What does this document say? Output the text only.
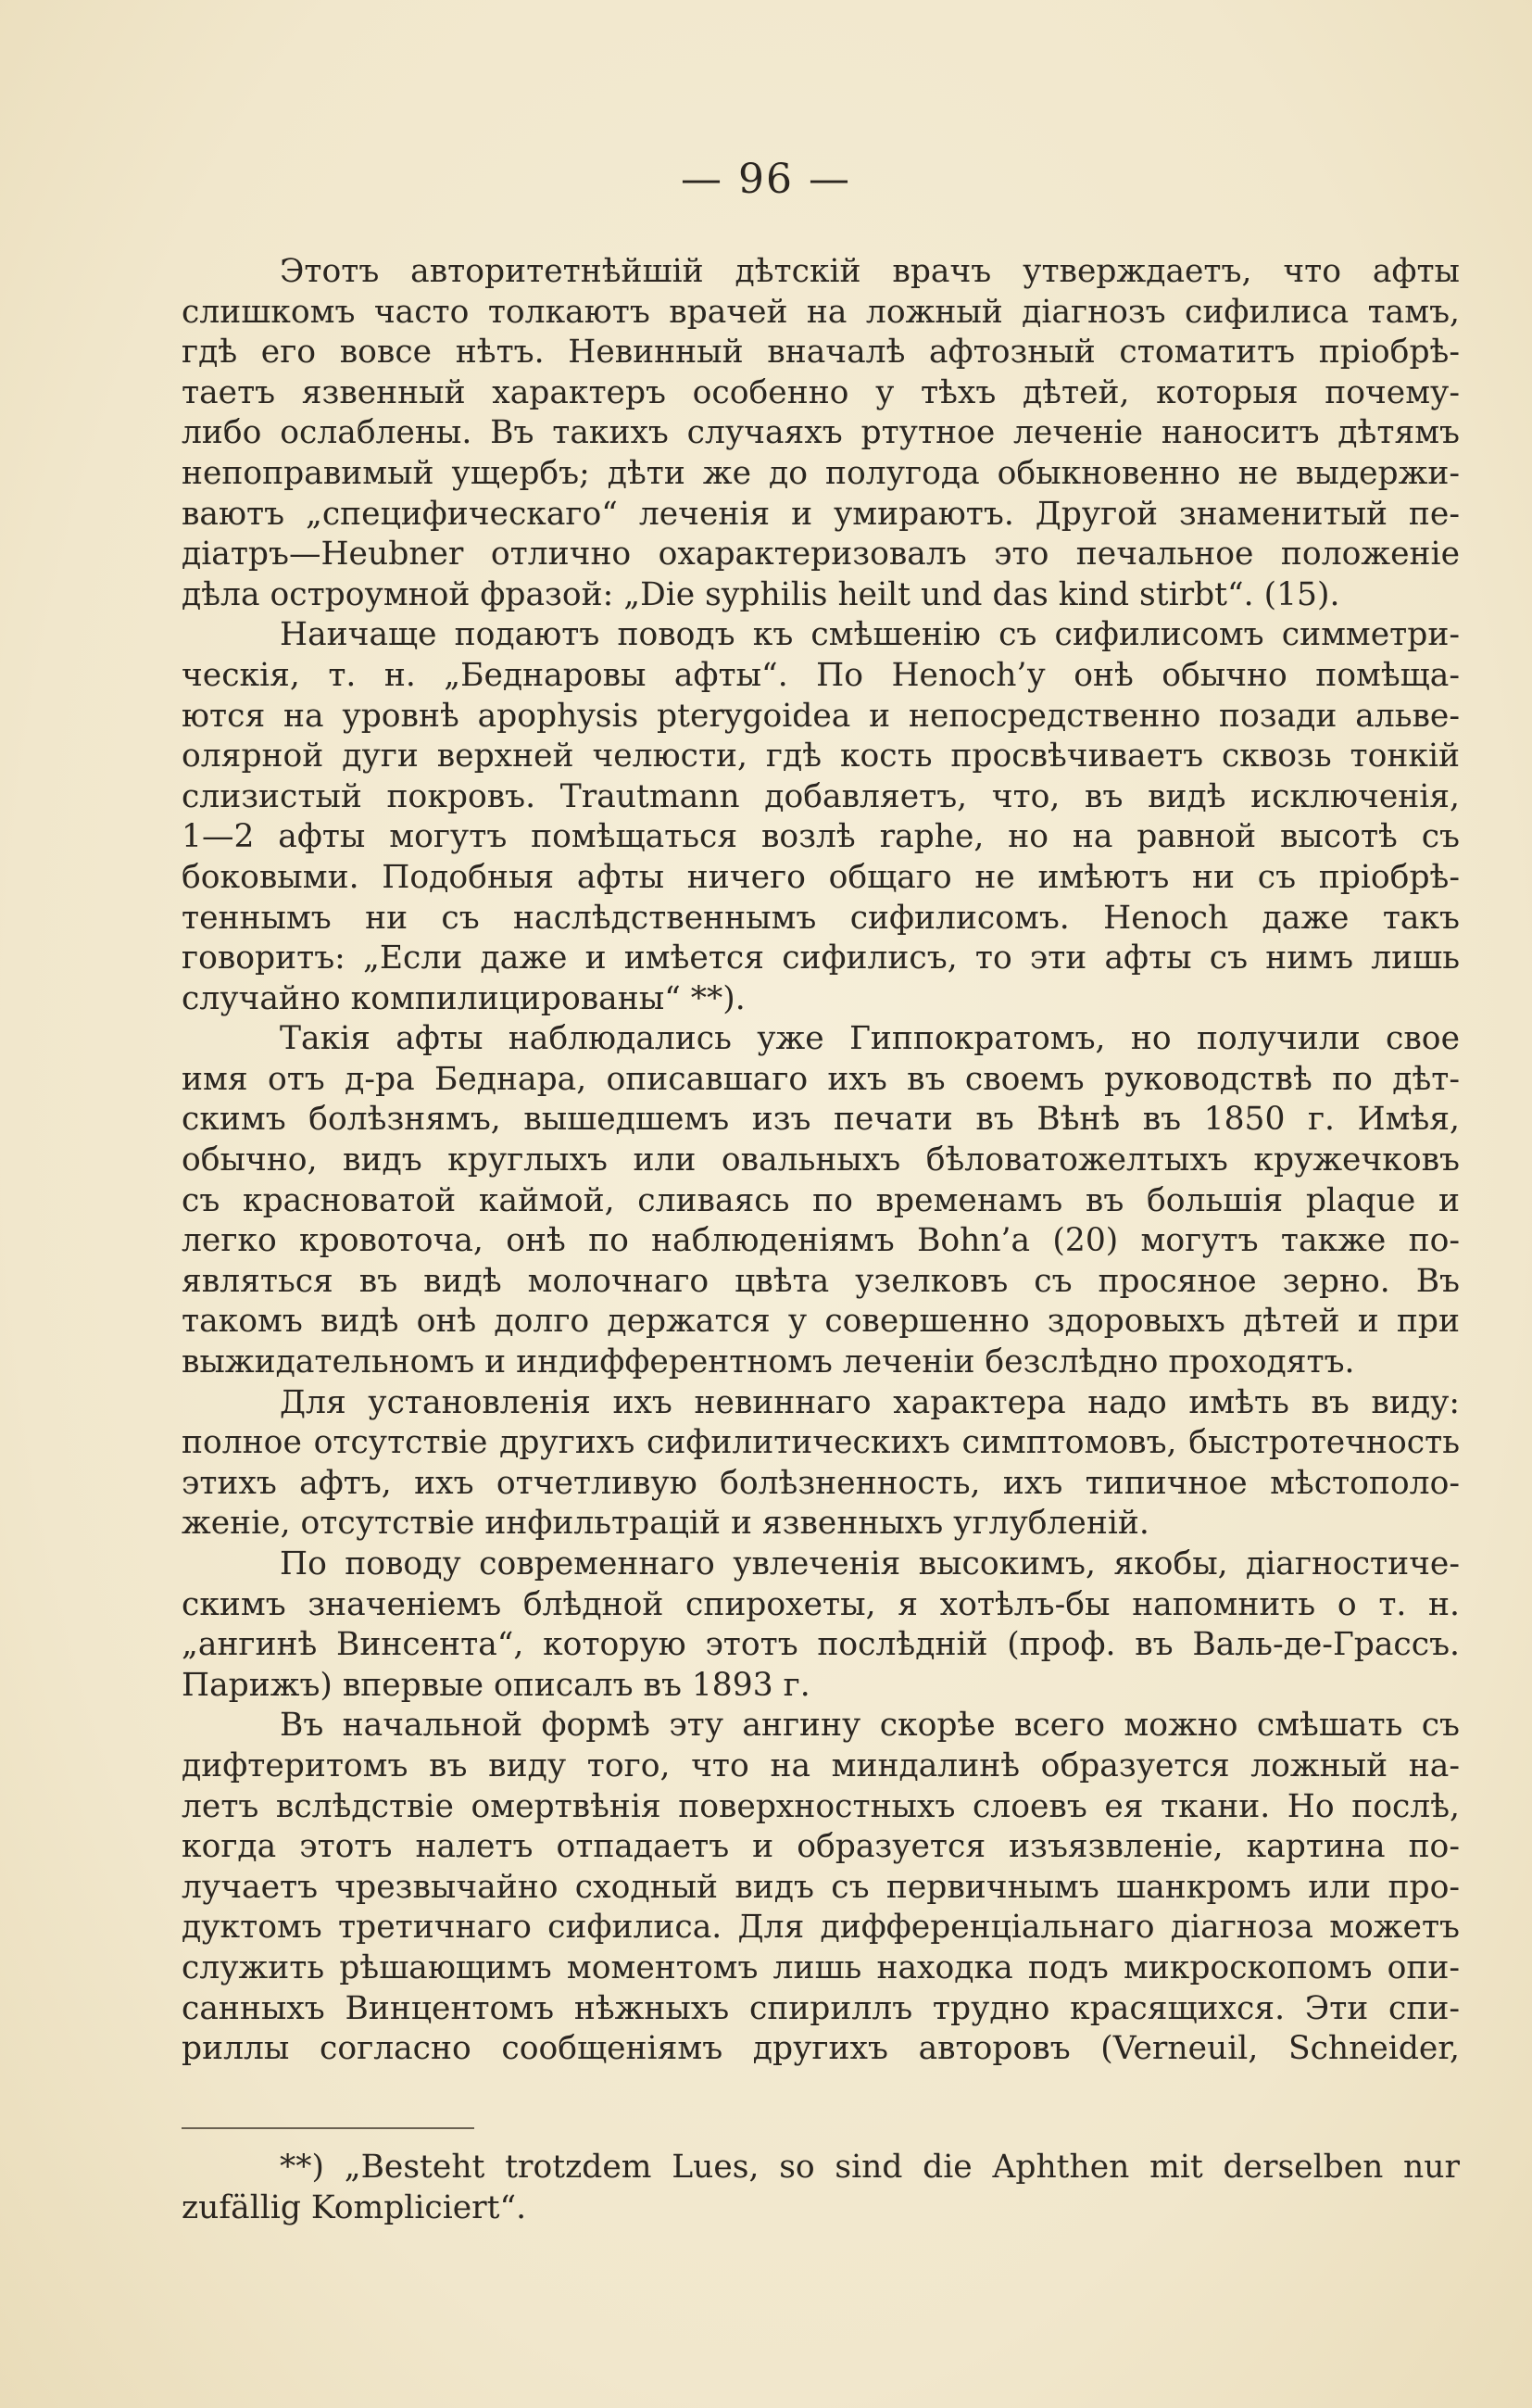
— 96 —
Этотъ авторитетнѣйшій дѣтскій врачъ утверждаетъ, что афты
слишкомъ часто толкаютъ врачей на ложный діагнозъ сифилиса тамъ,
гдѣ его вовсе нѣтъ. Невинный вначалѣ афтозный стоматитъ пріобрѣ-
таетъ язвенный характеръ особенно у тѣхъ дѣтей, которыя почему-
либо ослаблены. Въ такихъ случаяхъ ртутное леченіе наноситъ дѣтямъ
непоправимый ущербъ; дѣти же до полугода обыкновенно не выдержи-
ваютъ „специфическаго“ леченія и умираютъ. Другой знаменитый пе-
діатръ—Heubner отлично охарактеризовалъ это печальное положеніе
дѣла остроумной фразой: „Die syphilis heilt und das kind stirbt“. (15).
Наичаще подаютъ поводъ къ смѣшенію съ сифилисомъ симметри-
ческія, т. н. „Беднаровы афты“. По Henoch’у онѣ обычно помѣща-
ются на уровнѣ apophysis pterygoidea и непосредственно позади альве-
олярной дуги верхней челюсти, гдѣ кость просвѣчиваетъ сквозь тонкій
слизистый покровъ. Trautmann добавляетъ, что, въ видѣ исключенія,
1—2 афты могутъ помѣщаться возлѣ raphe, но на равной высотѣ съ
боковыми. Подобныя афты ничего общаго не имѣютъ ни съ пріобрѣ-
теннымъ ни съ наслѣдственнымъ сифилисомъ. Henoch даже такъ
говоритъ: „Если даже и имѣется сифилисъ, то эти афты съ нимъ лишь
случайно компилицированы“ **).
Такія афты наблюдались уже Гиппократомъ, но получили свое
имя отъ д-ра Беднара, описавшаго ихъ въ своемъ руководствѣ по дѣт-
скимъ болѣзнямъ, вышедшемъ изъ печати въ Вѣнѣ въ 1850 г. Имѣя,
обычно, видъ круглыхъ или овальныхъ бѣловатожелтыхъ кружечковъ
съ красноватой каймой, сливаясь по временамъ въ большія plaque и
легко кровоточа, онѣ по наблюденіямъ Bohn’a (20) могутъ также по-
являться въ видѣ молочнаго цвѣта узелковъ съ просяное зерно. Въ
такомъ видѣ онѣ долго держатся у совершенно здоровыхъ дѣтей и при
выжидательномъ и индифферентномъ леченіи безслѣдно проходятъ.
Для установленія ихъ невиннаго характера надо имѣть въ виду:
полное отсутствіе другихъ сифилитическихъ симптомовъ, быстротечность
этихъ афтъ, ихъ отчетливую болѣзненность, ихъ типичное мѣстополо-
женіе, отсутствіе инфильтрацій и язвенныхъ углубленій.
По поводу современнаго увлеченія высокимъ, якобы, діагностиче-
скимъ значеніемъ блѣдной спирохеты, я хотѣлъ-бы напомнить о т. н.
„ангинѣ Винсента“, которую этотъ послѣдній (проф. въ Валь-де-Грассъ.
Парижъ) впервые описалъ въ 1893 г.
Въ начальной формѣ эту ангину скорѣе всего можно смѣшать съ
дифтеритомъ въ виду того, что на миндалинѣ образуется ложный на-
летъ вслѣдствіе омертвѣнія поверхностныхъ слоевъ ея ткани. Но послѣ,
когда этотъ налетъ отпадаетъ и образуется изъязвленіе, картина по-
лучаетъ чрезвычайно сходный видъ съ первичнымъ шанкромъ или про-
дуктомъ третичнаго сифилиса. Для дифференціальнаго діагноза можетъ
служить рѣшающимъ моментомъ лишь находка подъ микроскопомъ опи-
санныхъ Винцентомъ нѣжныхъ спириллъ трудно красящихся. Эти спи-
риллы согласно сообщеніямъ другихъ авторовъ (Verneuil, Schneider,
**) „Besteht trotzdem Lues, so sind die Aphthen mit derselben nur
zufällig Kompliciert“.
